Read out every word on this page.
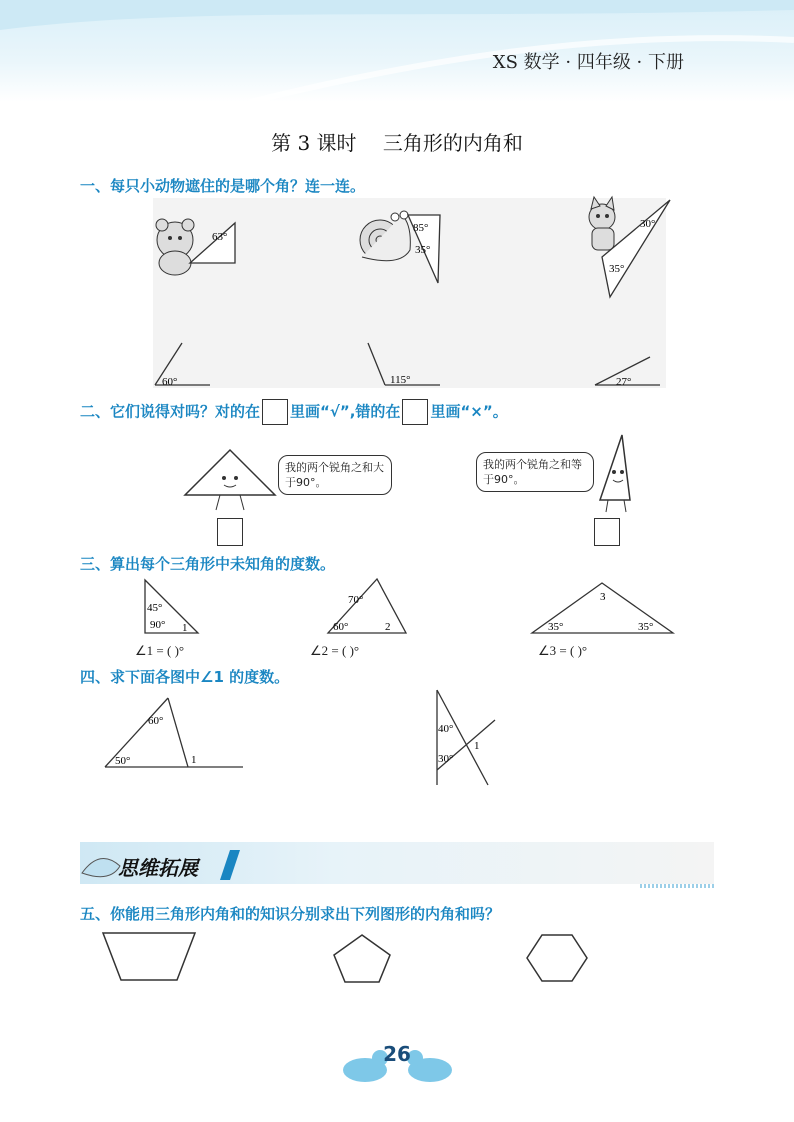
XS 数学 · 四年级 · 下册
第 3 课时 三角形的内角和
一、每只小动物遮住的是哪个角？连一连。
63°
85°
35°
30°
35°
60°	115°	27°
二、它们说得对吗？对的在 里画“√”,错的在 里画“×”。
我的两个锐角之和大于90°。
我的两个锐角之和等于90°。
三、算出每个三角形中未知角的度数。
45°
90° 1
70°
60°	2
3
35°	35°
∠1 = ( )°	∠2 = ( )°	∠3 = ( )°
四、求下面各图中∠1 的度数。
60°
50°	1
40°
30°
1
思维拓展
五、你能用三角形内角和的知识分别求出下列图形的内角和吗？
26
